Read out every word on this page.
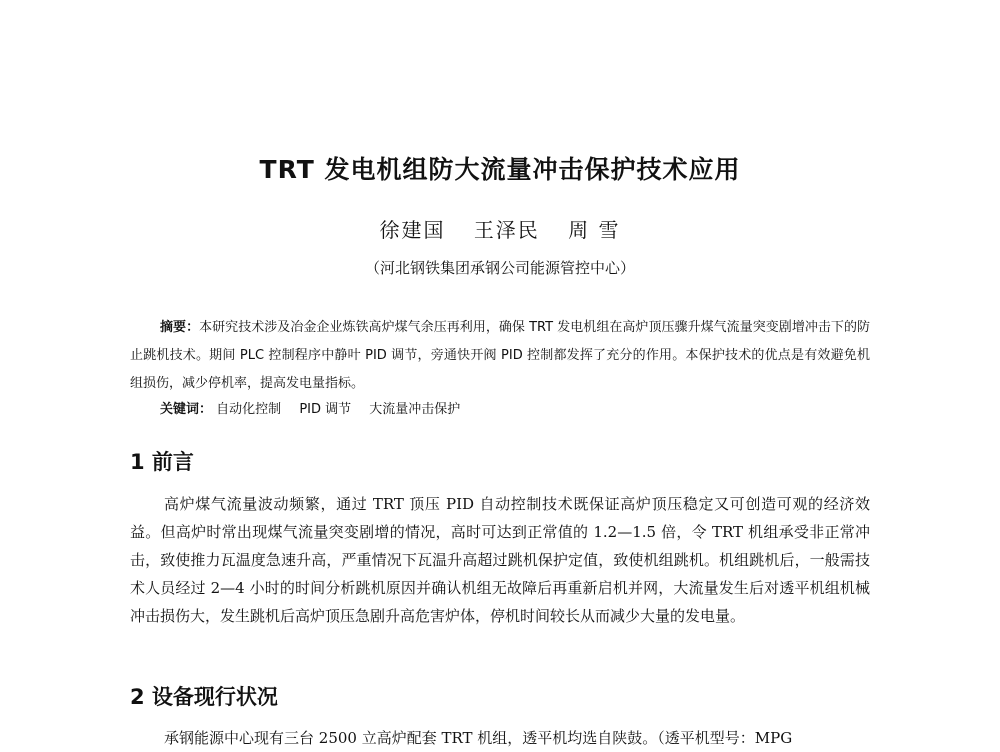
TRT 发电机组防大流量冲击保护技术应用
徐建国 王泽民 周 雪
（河北钢铁集团承钢公司能源管控中心）
摘要：本研究技术涉及冶金企业炼铁高炉煤气余压再利用，确保 TRT 发电机组在高炉顶压骤升煤气流量突变剧增冲击下的防止跳机技术。期间 PLC 控制程序中静叶 PID 调节，旁通快开阀 PID 控制都发挥了充分的作用。本保护技术的优点是有效避免机组损伤，减少停机率，提高发电量指标。
关键词： 自动化控制 PID 调节 大流量冲击保护
1 前言
高炉煤气流量波动频繁，通过 TRT 顶压 PID 自动控制技术既保证高炉顶压稳定又可创造可观的经济效益。但高炉时常出现煤气流量突变剧增的情况，高时可达到正常值的 1.2—1.5 倍，令 TRT 机组承受非正常冲击，致使推力瓦温度急速升高，严重情况下瓦温升高超过跳机保护定值，致使机组跳机。机组跳机后，一般需技术人员经过 2—4 小时的时间分析跳机原因并确认机组无故障后再重新启机并网，大流量发生后对透平机组机械冲击损伤大，发生跳机后高炉顶压急剧升高危害炉体，停机时间较长从而减少大量的发电量。
2 设备现行状况
承钢能源中心现有三台 2500 立高炉配套 TRT 机组，透平机均选自陕鼓。（透平机型号：MPG
